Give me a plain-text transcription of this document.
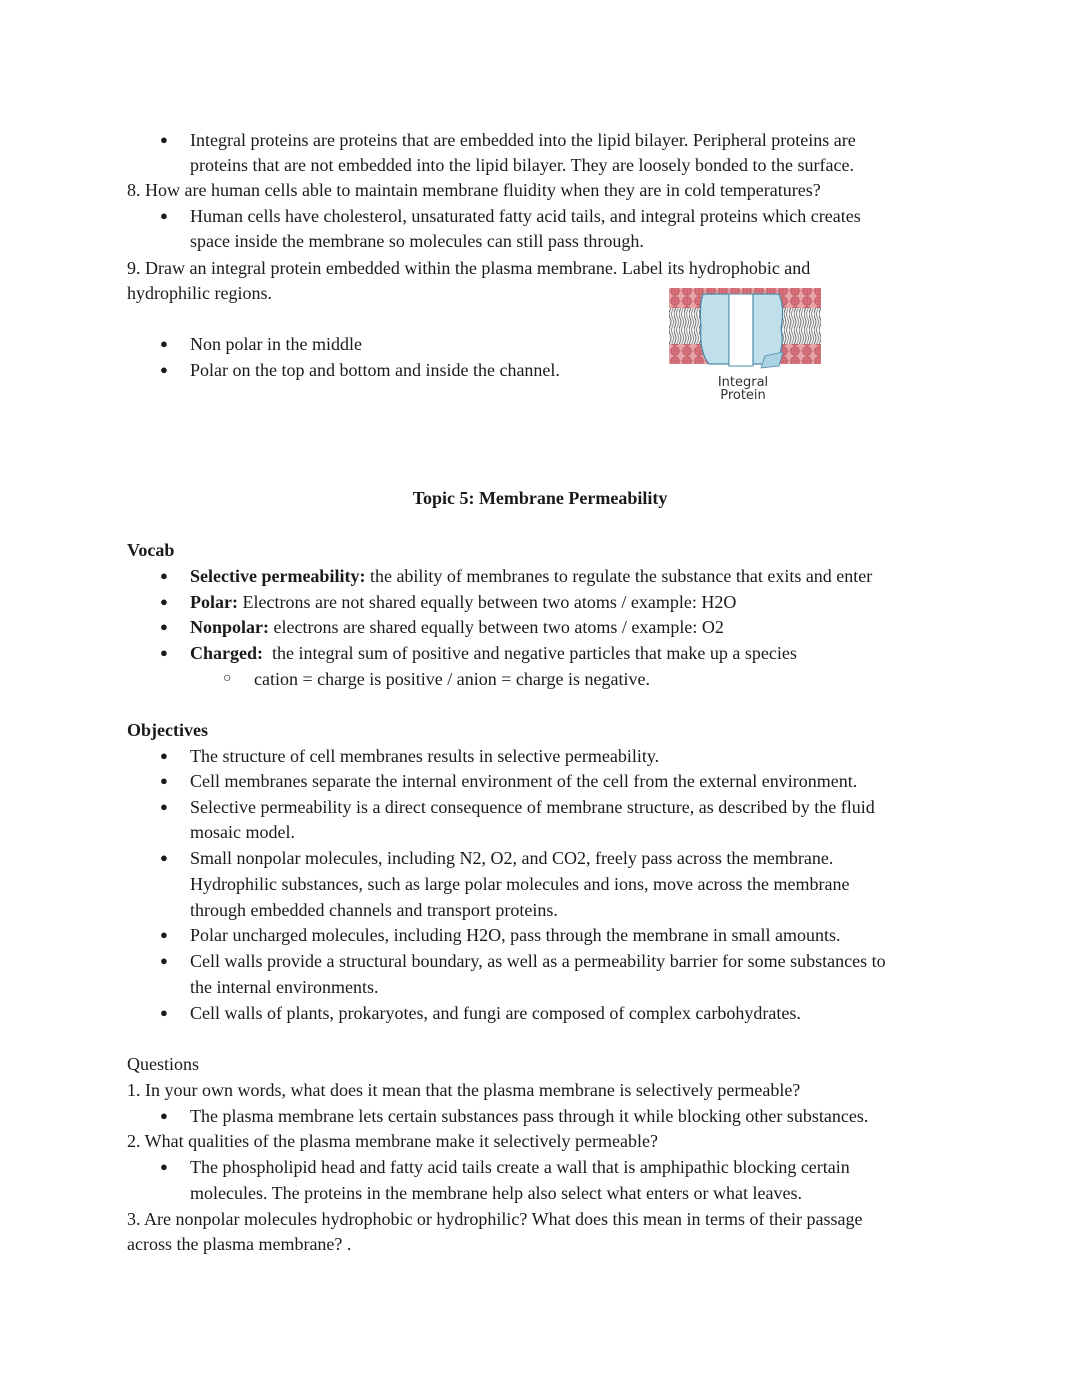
● Integral proteins are proteins that are embedded into the lipid bilayer. Peripheral proteins are
proteins that are not embedded into the lipid bilayer. They are loosely bonded to the surface.
8. How are human cells able to maintain membrane fluidity when they are in cold temperatures?
● Human cells have cholesterol, unsaturated fatty acid tails, and integral proteins which creates
space inside the membrane so molecules can still pass through.
9. Draw an integral protein embedded within the plasma membrane. Label its hydrophobic and
hydrophilic regions.
● Non polar in the middle
● Polar on the top and bottom and inside the channel.
Integral
Protein
Topic 5: Membrane Permeability
Vocab
● Selective permeability: the ability of membranes to regulate the substance that exits and enter
● Polar: Electrons are not shared equally between two atoms / example: H2O
● Nonpolar: electrons are shared equally between two atoms / example: O2
● Charged:  the integral sum of positive and negative particles that make up a species
○ cation = charge is positive / anion = charge is negative.
Objectives
● The structure of cell membranes results in selective permeability.
● Cell membranes separate the internal environment of the cell from the external environment.
● Selective permeability is a direct consequence of membrane structure, as described by the fluid
mosaic model.
● Small nonpolar molecules, including N2, O2, and CO2, freely pass across the membrane.
Hydrophilic substances, such as large polar molecules and ions, move across the membrane
through embedded channels and transport proteins.
● Polar uncharged molecules, including H2O, pass through the membrane in small amounts.
● Cell walls provide a structural boundary, as well as a permeability barrier for some substances to
the internal environments.
● Cell walls of plants, prokaryotes, and fungi are composed of complex carbohydrates.
Questions
1. In your own words, what does it mean that the plasma membrane is selectively permeable?
● The plasma membrane lets certain substances pass through it while blocking other substances.
2. What qualities of the plasma membrane make it selectively permeable?
● The phospholipid head and fatty acid tails create a wall that is amphipathic blocking certain
molecules. The proteins in the membrane help also select what enters or what leaves.
3. Are nonpolar molecules hydrophobic or hydrophilic? What does this mean in terms of their passage
across the plasma membrane? .
